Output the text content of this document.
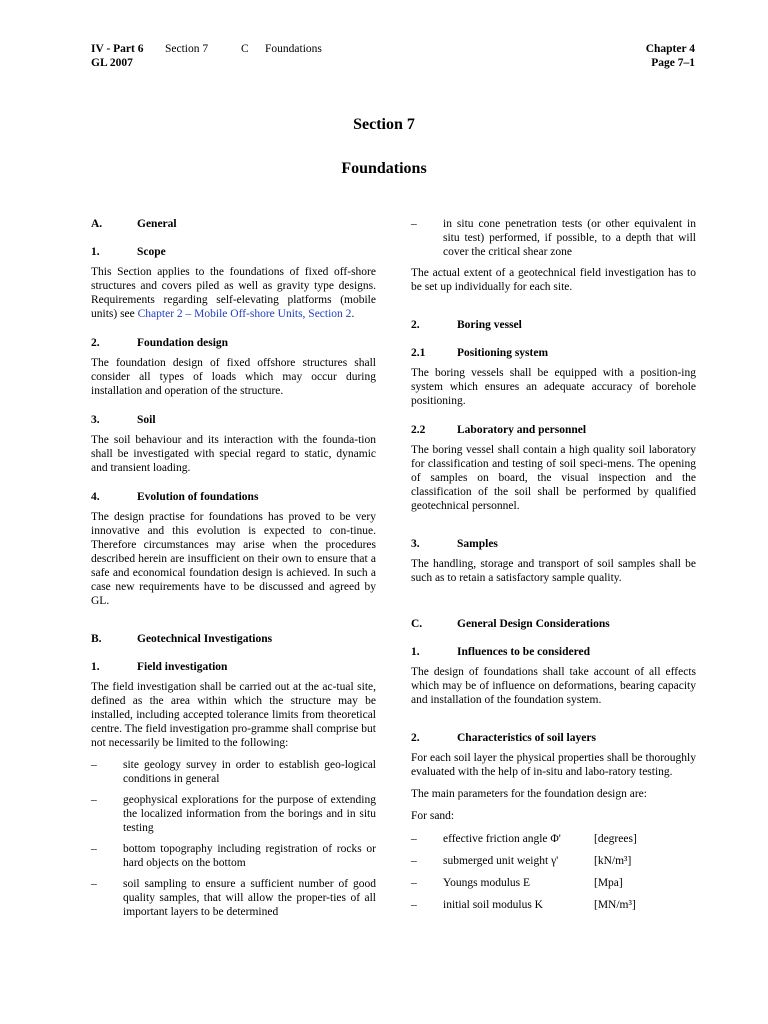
IV - Part 6 Section 7	C Foundations
GL 2007
Chapter 4
Page 7–1
Section 7
Foundations
A.	General
1.	Scope

This Section applies to the foundations of fixed off-shore structures and covers piled as well as gravity type designs. Requirements regarding self-elevating platforms (mobile units) see Chapter 2 – Mobile Off-shore Units, Section 2.

2.	Foundation design

The foundation design of fixed offshore structures shall consider all types of loads which may occur during installation and operation of the structure.

3.	Soil

The soil behaviour and its interaction with the founda-tion shall be investigated with special regard to static, dynamic and transient loading.

4.	Evolution of foundations

The design practise for foundations has proved to be very innovative and this evolution is expected to con-tinue. Therefore circumstances may arise when the procedures described herein are insufficient on their own to ensure that a safe and economical foundation design is achieved. In such a case new requirements have to be discussed and agreed by GL.

B.	Geotechnical Investigations
1.	Field investigation

The field investigation shall be carried out at the ac-tual site, defined as the area within which the structure may be installed, including accepted tolerance limits from theoretical centre. The field investigation pro-gramme shall comprise but not necessarily be limited to the following:

–	site geology survey in order to establish geo-logical conditions in general
–	geophysical explorations for the purpose of extending the localized information from the borings and in situ testing
–	bottom topography including registration of rocks or hard objects on the bottom
–	soil sampling to ensure a sufficient number of good quality samples, that will allow the proper-ties of all important layers to be determined
–	in situ cone penetration tests (or other equivalent in situ test) performed, if possible, to a depth that will cover the critical shear zone

The actual extent of a geotechnical field investigation has to be set up individually for each site.

2.	Boring vessel
2.1	Positioning system

The boring vessels shall be equipped with a position-ing system which ensures an adequate accuracy of borehole positioning.

2.2	Laboratory and personnel

The boring vessel shall contain a high quality soil laboratory for classification and testing of soil speci-mens. The opening of samples on board, the visual inspection and the classification of the soil shall be performed by qualified geotechnical personnel.

3.	Samples

The handling, storage and transport of soil samples shall be such as to retain a satisfactory sample quality.

C.	General Design Considerations
1.	Influences to be considered

The design of foundations shall take account of all effects which may be of influence on deformations, bearing capacity and installation of the foundation system.

2.	Characteristics of soil layers

For each soil layer the physical properties shall be thoroughly evaluated with the help of in-situ and labo-ratory testing.

The main parameters for the foundation design are:

For sand:

–	effective friction angle Φ'	[degrees]
–	submerged unit weight γ'	[kN/m³]
–	Youngs modulus E	[Mpa]
–	initial soil modulus K	[MN/m³]
